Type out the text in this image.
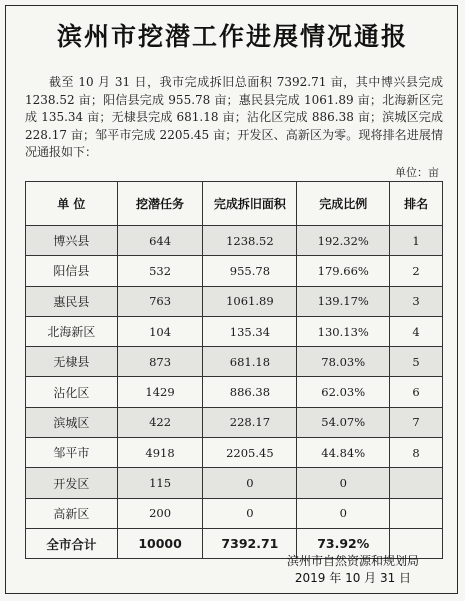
滨州市挖潜工作进展情况通报
截至 10 月 31 日，我市完成拆旧总面积 7392.71 亩，其中博兴县完成 1238.52 亩；阳信县完成 955.78 亩；惠民县完成 1061.89 亩；北海新区完成 135.34 亩；无棣县完成 681.18 亩；沾化区完成 886.38 亩；滨城区完成 228.17 亩；邹平市完成 2205.45 亩；开发区、高新区为零。现将排名进展情况通报如下：
单位：亩
单 位	挖潜任务	完成拆旧面积	完成比例	排名
博兴县	644	1238.52	192.32%	1
阳信县	532	955.78	179.66%	2
惠民县	763	1061.89	139.17%	3
北海新区	104	135.34	130.13%	4
无棣县	873	681.18	78.03%	5
沾化区	1429	886.38	62.03%	6
滨城区	422	228.17	54.07%	7
邹平市	4918	2205.45	44.84%	8
开发区	115	0	0	
高新区	200	0	0	
全市合计	10000	7392.71	73.92%	
滨州市自然资源和规划局
2019 年 10 月 31 日
